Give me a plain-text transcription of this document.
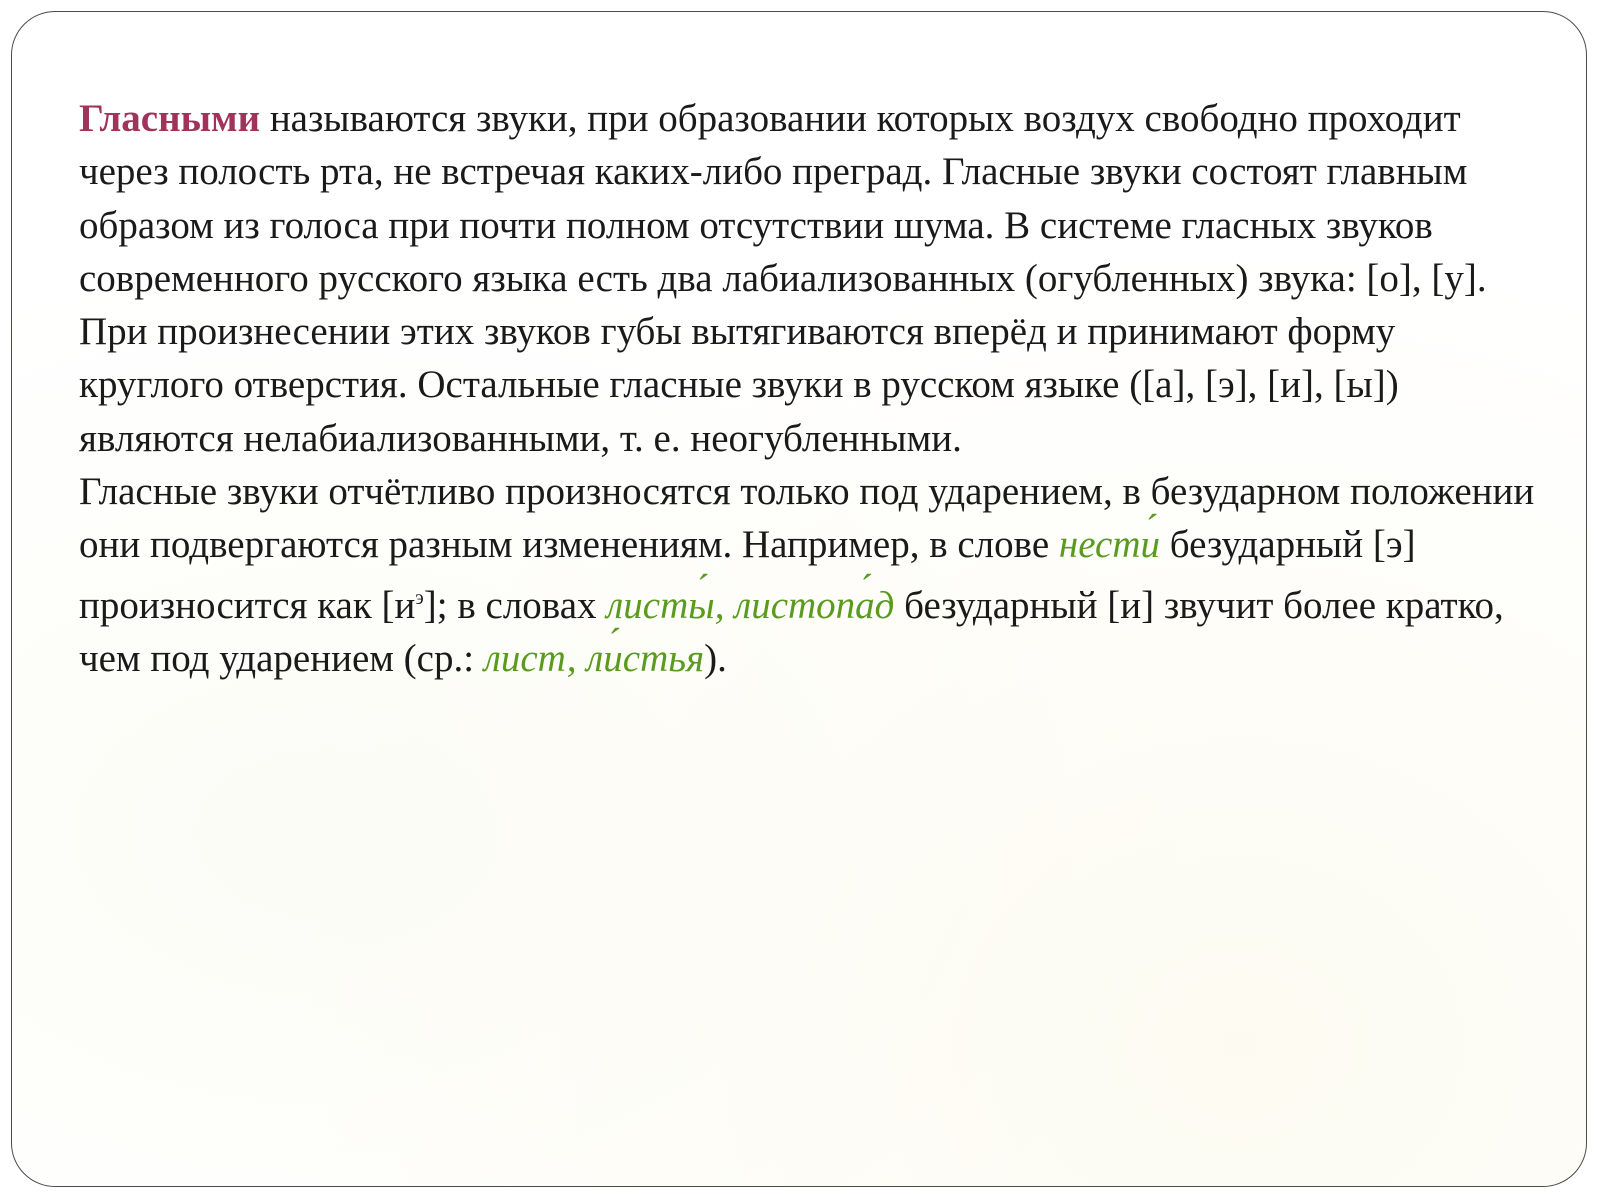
Гласными называются звуки, при образовании которых воздух свободно проходит через полость рта, не встречая каких-либо преград. Гласные звуки состоят главным образом из голоса при почти полном отсутствии шума. В системе гласных звуков современного русского языка есть два лабиализованных (огубленных) звука: [о], [у]. При произнесении этих звуков губы вытягиваются вперёд и принимают форму круглого отверстия. Остальные гласные звуки в русском языке ([а], [э], [и], [ы]) являются нелабиализованными, т. е. неогубленными.

Гласные звуки отчётливо произносятся только под ударением, в безударном положении они подвергаются разным изменениям. Например, в слове нести ´ безударный [э] произносится как $[и^э]$; в словах листы ´, листопа ´д безударный [и] звучит более кратко, чем под ударением (ср.: лист, ли ´стья).
